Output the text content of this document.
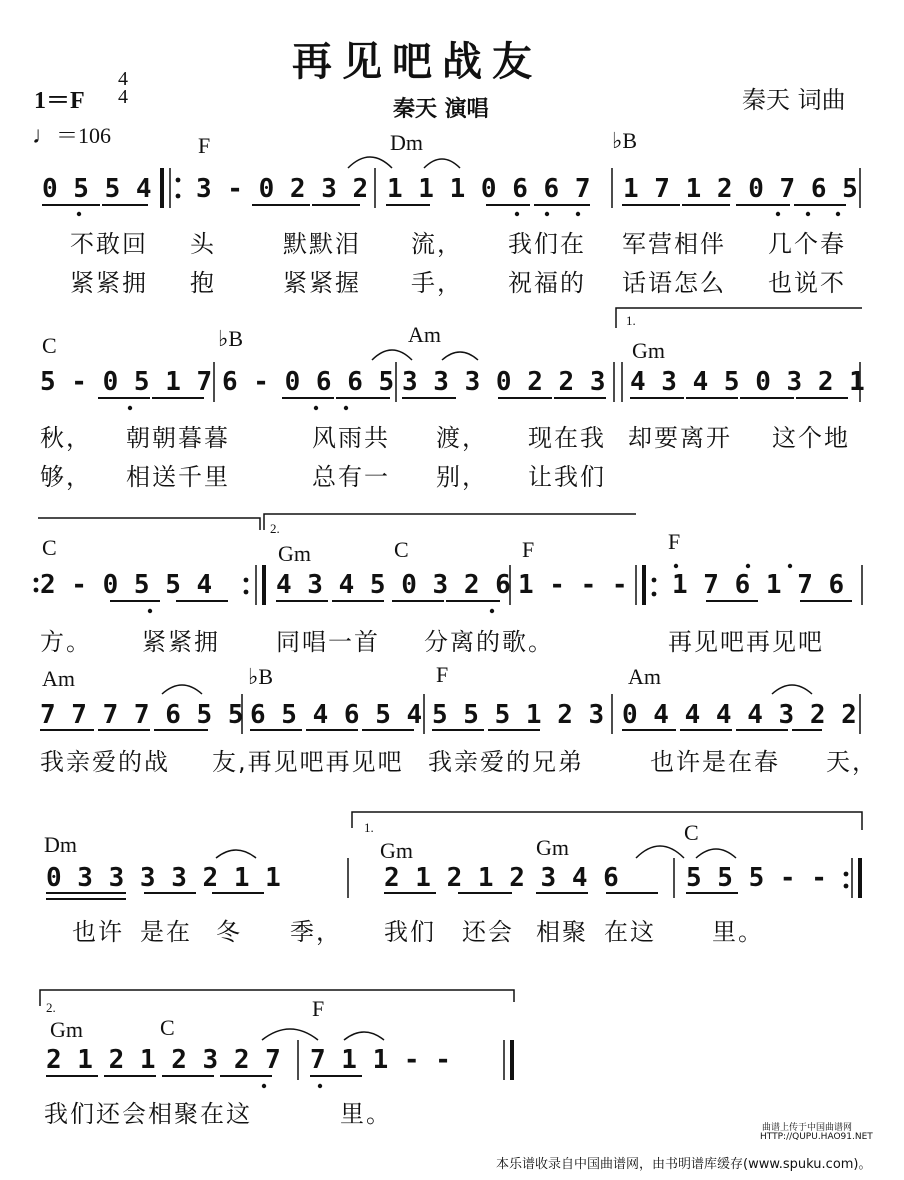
再见吧战友
秦天 演唱	秦天 词曲
1＝F
4
4
♩＝106	F	Dm	♭B
0 5 5 4 3 - 0 2 3 2 1 1 1 0 6 6 7 1 7 1 2 0 7 6 5
不敢回 头	默默泪 流， 我们在 军营相伴 几个春
紧紧拥 抱	紧紧握 手， 祝福的 话语怎么 也说不
C	♭B	Am
Gm
1.
5 - 0 5 1 7 6 - 0 6 6 5 3 3 3 0 2 2 3 4 3 4 5 0 3 2 1
秋， 朝朝暮暮	风雨共 渡， 现在我 却要离开 这个地
够， 相送千里	总有一 别， 让我们
C	Gm	C	F	F
2.
2 - 0 5 5 4 4 3 4 5 0 3 2 6 1 - - - 1 7 6 1 7 6
方。 紧紧拥 同唱一首 分离的歌。	再见吧再见吧
Am	♭B	F	Am
7 7 7 7 6 5 5 6 5 4 6 5 4 5 5 5 1 2 3 0 4 4 4 4 3 2 2
我亲爱的战 友,再见吧再见吧 我亲爱的兄弟	也许是在春 天，
Dm	Gm	Gm
C
1.
0 3 3 3 3 2 1 1	2 1 2 1 2 3 4 6	5 5 5 - -
也许 是在 冬 季， 我们 还会 相聚 在这 里。
Gm	C
F
2.
2 1 2 1 2 3 2 7 7 1 1 - -
我们还会相聚在这	里。	曲谱上传于中国曲谱网
HTTP://QUPU.HAO91.NET
本乐谱收录自中国曲谱网，由书明谱库缓存(www.spuku.com)。
